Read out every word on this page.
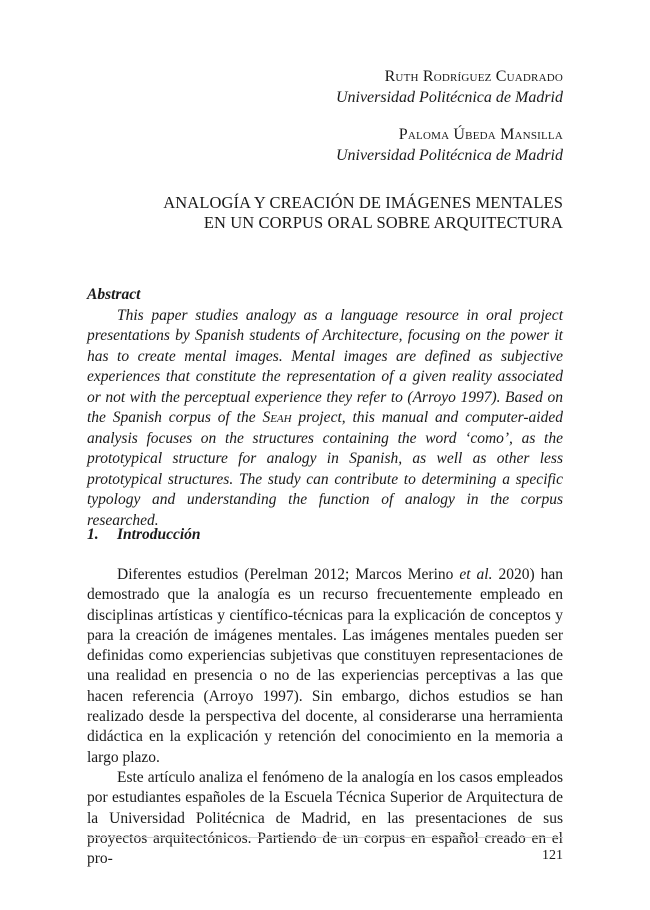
Ruth Rodríguez Cuadrado
Universidad Politécnica de Madrid
Paloma Úbeda Mansilla
Universidad Politécnica de Madrid
ANALOGÍA Y CREACIÓN DE IMÁGENES MENTALES
EN UN CORPUS ORAL SOBRE ARQUITECTURA
Abstract

This paper studies analogy as a language resource in oral project presentations by Spanish students of Architecture, focusing on the power it has to create mental images. Mental images are defined as subjective experiences that constitute the representation of a given reality associated or not with the perceptual experience they refer to (Arroyo 1997). Based on the Spanish corpus of the Seah project, this manual and computer-aided analysis focuses on the structures containing the word ‘como’, as the prototypical structure for analogy in Spanish, as well as other less prototypical structures. The study can contribute to determining a specific typology and understanding the function of analogy in the corpus researched.

1. Introducción

Diferentes estudios (Perelman 2012; Marcos Merino et al. 2020) han demostrado que la analogía es un recurso frecuentemente empleado en disciplinas artísticas y científico-técnicas para la explicación de conceptos y para la creación de imágenes mentales. Las imágenes mentales pueden ser definidas como experiencias subjetivas que constituyen representaciones de una realidad en presencia o no de las experiencias perceptivas a las que hacen referencia (Arroyo 1997). Sin embargo, dichos estudios se han realizado desde la perspectiva del docente, al considerarse una herramienta didáctica en la explicación y retención del conocimiento en la memoria a largo plazo.

Este artículo analiza el fenómeno de la analogía en los casos empleados por estudiantes españoles de la Escuela Técnica Superior de Arquitectura de la Universidad Politécnica de Madrid, en las presentaciones de sus proyectos arquitectónicos. Partiendo de un corpus en español creado en el pro-	121
